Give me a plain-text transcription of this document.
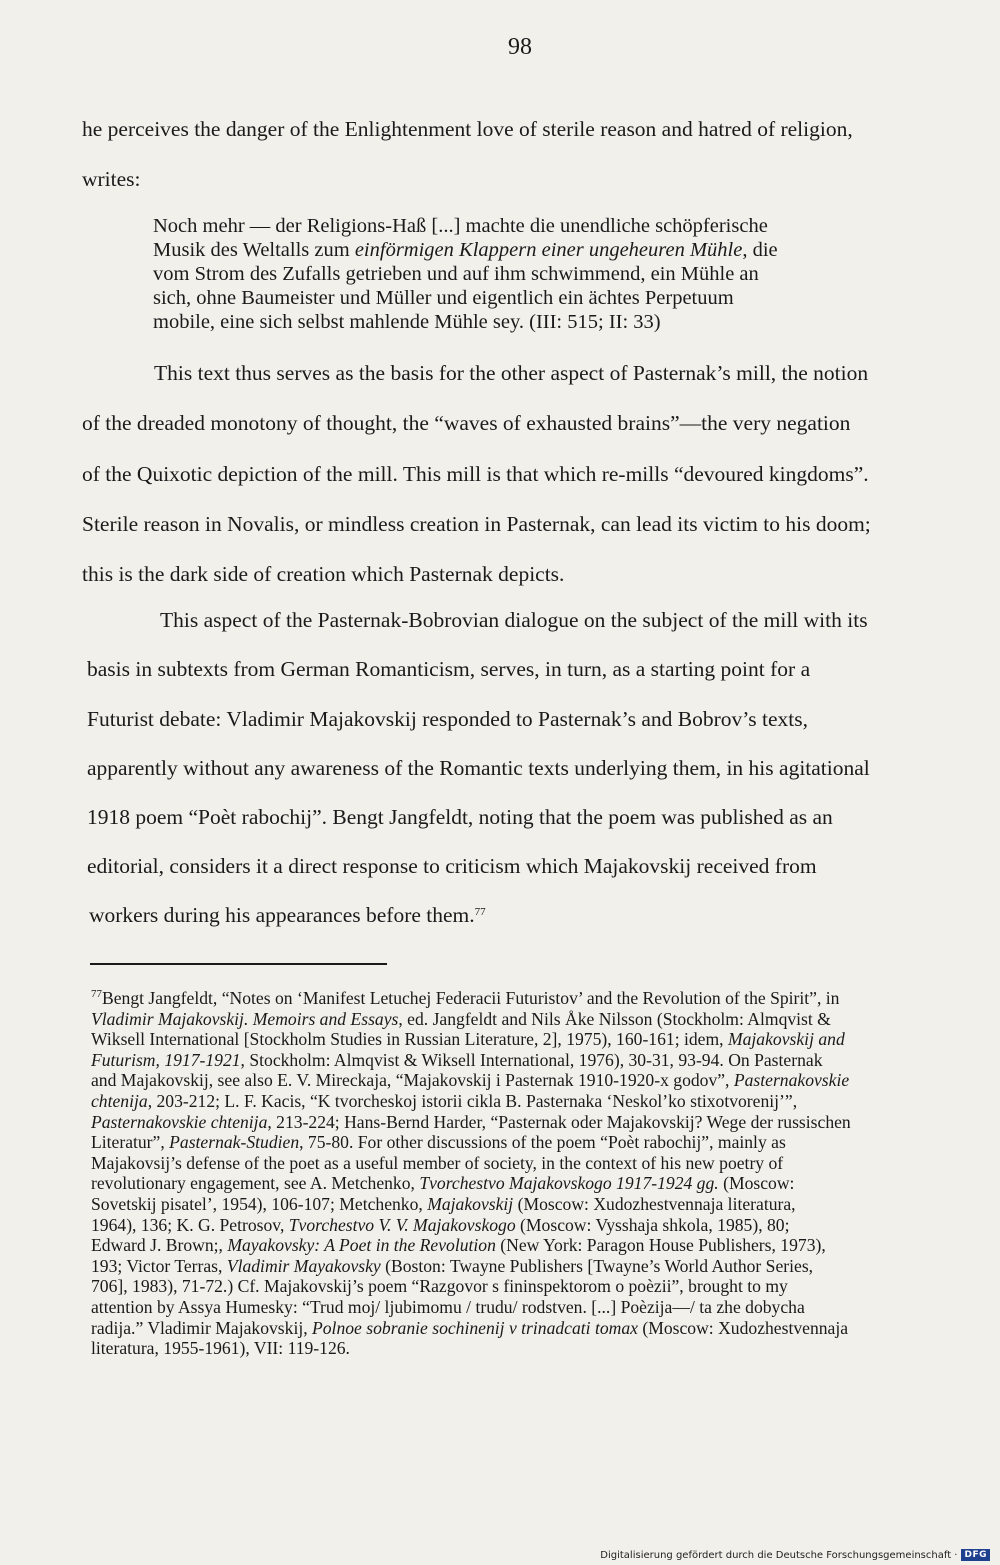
98
he perceives the danger of the Enlightenment love of sterile reason and hatred of religion,
writes:
Noch mehr — der Religions-Haß [...] machte die unendliche schöpferische
Musik des Weltalls zum einförmigen Klappern einer ungeheuren Mühle, die
vom Strom des Zufalls getrieben und auf ihm schwimmend, ein Mühle an
sich, ohne Baumeister und Müller und eigentlich ein ächtes Perpetuum
mobile, eine sich selbst mahlende Mühle sey. (III: 515; II: 33)
This text thus serves as the basis for the other aspect of Pasternak’s mill, the notion
of the dreaded monotony of thought, the “waves of exhausted brains”—the very negation
of the Quixotic depiction of the mill. This mill is that which re-mills “devoured kingdoms”.
Sterile reason in Novalis, or mindless creation in Pasternak, can lead its victim to his doom;
this is the dark side of creation which Pasternak depicts.
This aspect of the Pasternak-Bobrovian dialogue on the subject of the mill with its
basis in subtexts from German Romanticism, serves, in turn, as a starting point for a
Futurist debate: Vladimir Majakovskij responded to Pasternak’s and Bobrov’s texts,
apparently without any awareness of the Romantic texts underlying them, in his agitational
1918 poem “Poèt rabochij”. Bengt Jangfeldt, noting that the poem was published as an
editorial, considers it a direct response to criticism which Majakovskij received from
workers during his appearances before them.$^{77}$
$^{77}$Bengt Jangfeldt, “Notes on ‘Manifest Letuchej Federacii Futuristov’ and the Revolution of the Spirit”, in
Vladimir Majakovskij. Memoirs and Essays, ed. Jangfeldt and Nils Åke Nilsson (Stockholm: Almqvist &
Wiksell International [Stockholm Studies in Russian Literature, 2], 1975), 160-161; idem, Majakovskij and
Futurism, 1917-1921, Stockholm: Almqvist & Wiksell International, 1976), 30-31, 93-94. On Pasternak
and Majakovskij, see also E. V. Mireckaja, “Majakovskij i Pasternak 1910-1920-x godov”, Pasternakovskie
chtenija, 203-212; L. F. Kacis, “K tvorcheskoj istorii cikla B. Pasternaka ‘Neskol’ko stixotvorenij’”,
Pasternakovskie chtenija, 213-224; Hans-Bernd Harder, “Pasternak oder Majakovskij? Wege der russischen
Literatur”, Pasternak-Studien, 75-80. For other discussions of the poem “Poèt rabochij”, mainly as
Majakovsij’s defense of the poet as a useful member of society, in the context of his new poetry of
revolutionary engagement, see A. Metchenko, Tvorchestvo Majakovskogo 1917-1924 gg. (Moscow:
Sovetskij pisatel’, 1954), 106-107; Metchenko, Majakovskij (Moscow: Xudozhestvennaja literatura,
1964), 136; K. G. Petrosov, Tvorchestvo V. V. Majakovskogo (Moscow: Vysshaja shkola, 1985), 80;
Edward J. Brown;, Mayakovsky: A Poet in the Revolution (New York: Paragon House Publishers, 1973),
193; Victor Terras, Vladimir Mayakovsky (Boston: Twayne Publishers [Twayne’s World Author Series,
706], 1983), 71-72.) Cf. Majakovskij’s poem “Razgovor s fininspektorom o poèzii”, brought to my
attention by Assya Humesky: “Trud moj/ ljubimomu / trudu/ rodstven. [...] Poèzija—/ ta zhe dobycha
radija.” Vladimir Majakovskij, Polnoe sobranie sochinenij v trinadcati tomax (Moscow: Xudozhestvennaja
literatura, 1955-1961), VII: 119-126.
Digitalisierung gefördert durch die Deutsche Forschungsgemeinschaft · DFG
